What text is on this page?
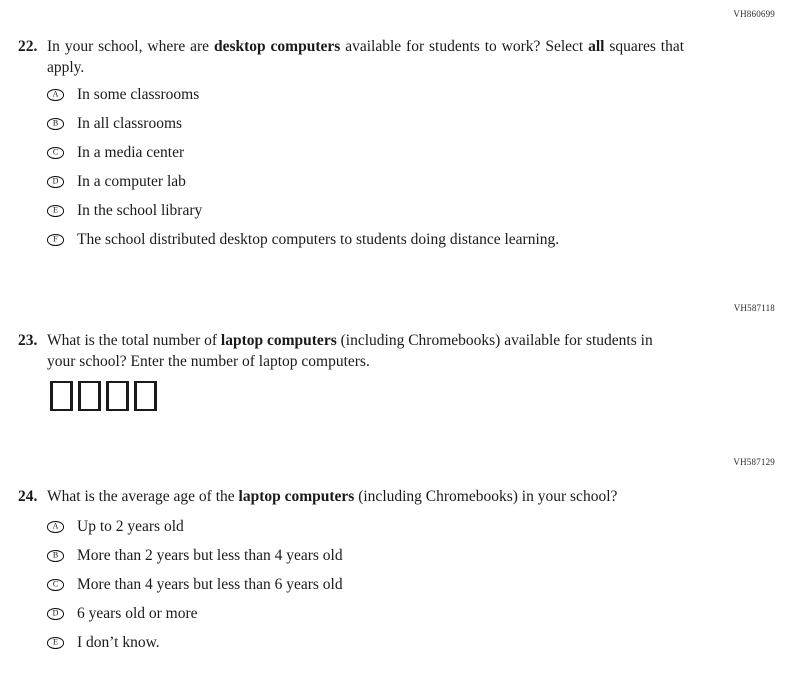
VH860699
22. In your school, where are desktop computers available for students to work? Select all squares that apply.
A In some classrooms
B In all classrooms
C In a media center
D In a computer lab
E In the school library
F The school distributed desktop computers to students doing distance learning.
VH587118
23. What is the total number of laptop computers (including Chromebooks) available for students in your school? Enter the number of laptop computers.
VH587129
24. What is the average age of the laptop computers (including Chromebooks) in your school?
A Up to 2 years old
B More than 2 years but less than 4 years old
C More than 4 years but less than 6 years old
D 6 years old or more
E I don’t know.
